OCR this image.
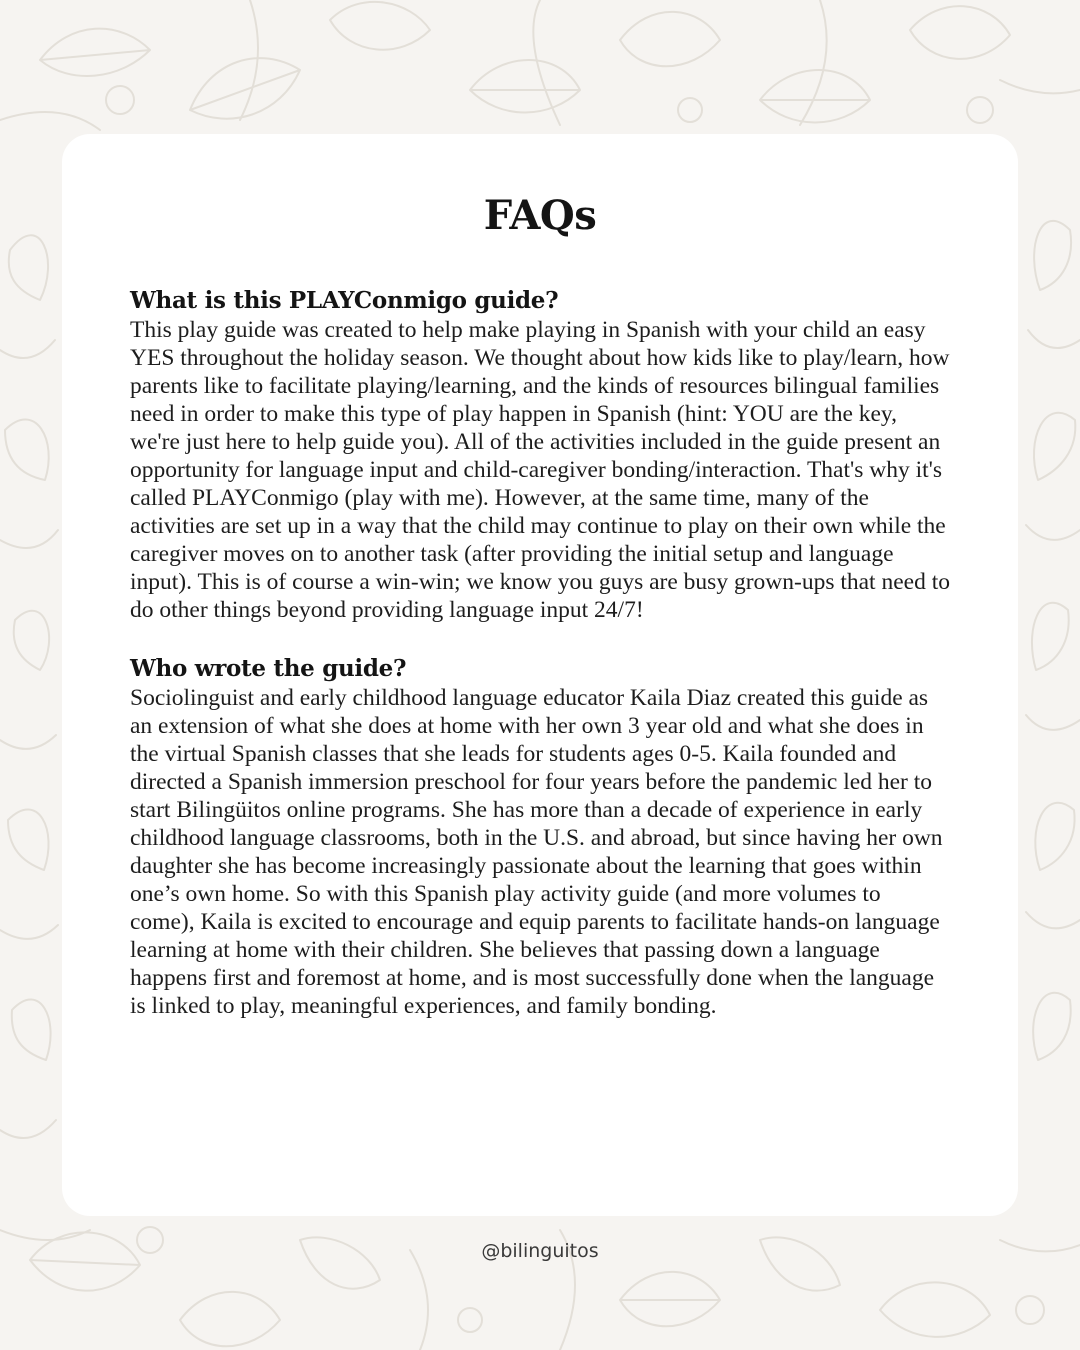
FAQs
What is this PLAYConmigo guide?

This play guide was created to help make playing in Spanish with your child an easy YES throughout the holiday season. We thought about how kids like to play/learn, how parents like to facilitate playing/learning, and the kinds of resources bilingual families need in order to make this type of play happen in Spanish (hint: YOU are the key, we're just here to help guide you). All of the activities included in the guide present an opportunity for language input and child-caregiver bonding/interaction. That's why it's called PLAYConmigo (play with me). However, at the same time, many of the activities are set up in a way that the child may continue to play on their own while the caregiver moves on to another task (after providing the initial setup and language input). This is of course a win-win; we know you guys are busy grown-ups that need to do other things beyond providing language input 24/7!

Who wrote the guide?

Sociolinguist and early childhood language educator Kaila Diaz created this guide as an extension of what she does at home with her own 3 year old and what she does in the virtual Spanish classes that she leads for students ages 0-5. Kaila founded and directed a Spanish immersion preschool for four years before the pandemic led her to start Bilingüitos online programs. She has more than a decade of experience in early childhood language classrooms, both in the U.S. and abroad, but since having her own daughter she has become increasingly passionate about the learning that goes within one’s own home. So with this Spanish play activity guide (and more volumes to come), Kaila is excited to encourage and equip parents to facilitate hands-on language learning at home with their children. She believes that passing down a language happens first and foremost at home, and is most successfully done when the language is linked to play, meaningful experiences, and family bonding.

@bilinguitos
